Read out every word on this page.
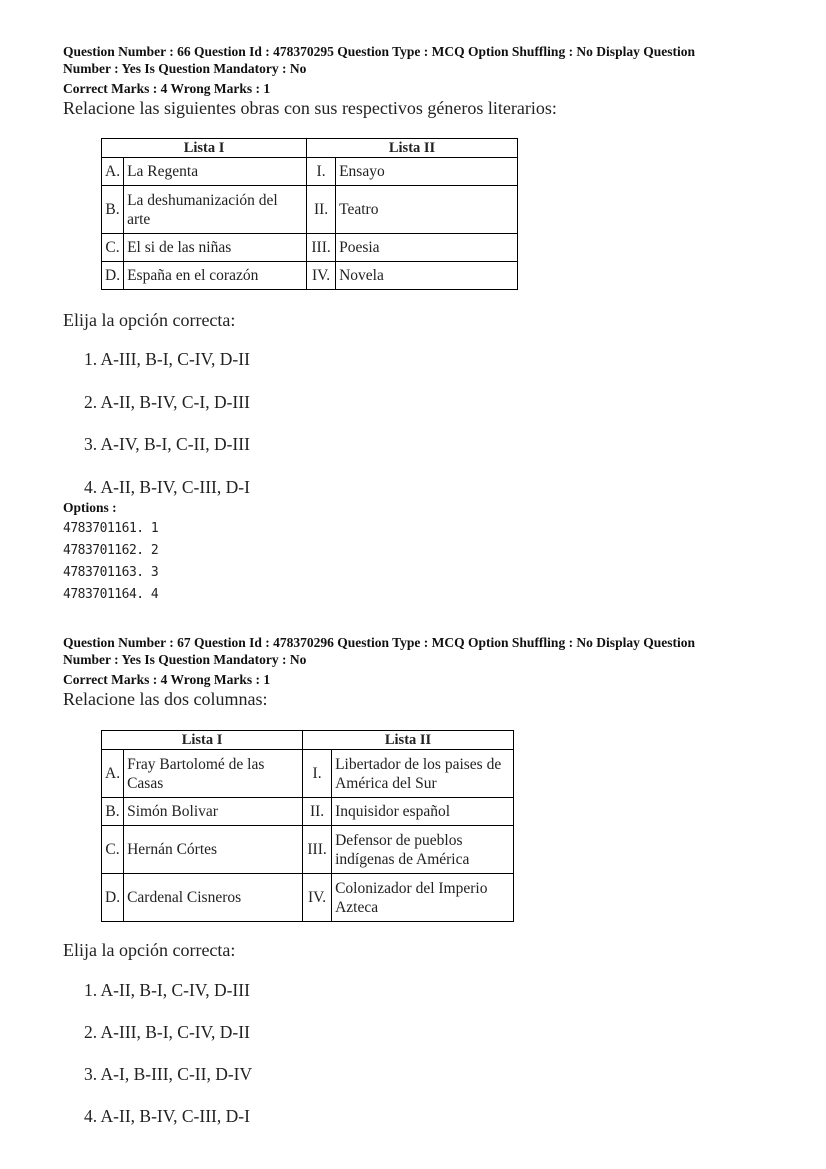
Question Number : 66 Question Id : 478370295 Question Type : MCQ Option Shuffling : No Display Question

Number : Yes Is Question Mandatory : No

Correct Marks : 4 Wrong Marks : 1

Relacione las siguientes obras con sus respectivos géneros literarios:

Lista I		Lista II	
A.	La Regenta	I.	Ensayo
B.	La deshumanización del arte	II.	Teatro
C.	El si de las niñas	III.	Poesia
D.	España en el corazón	IV.	Novela

Elija la opción correcta:

1. A-III, B-I, C-IV, D-II
2. A-II, B-IV, C-I, D-III
3. A-IV, B-I, C-II, D-III
4. A-II, B-IV, C-III, D-I
Options :
4783701161. 1
4783701162. 2
4783701163. 3
4783701164. 4

Question Number : 67 Question Id : 478370296 Question Type : MCQ Option Shuffling : No Display Question

Number : Yes Is Question Mandatory : No

Correct Marks : 4 Wrong Marks : 1

Relacione las dos columnas:

Lista I		Lista II	
A.	Fray Bartolomé de las Casas	I.	Libertador de los paises de América del Sur
B.	Simón Bolivar	II.	Inquisidor español
C.	Hernán Córtes	III.	Defensor de pueblos indígenas de América
D.	Cardenal Cisneros	IV.	Colonizador del Imperio Azteca

Elija la opción correcta:

1. A-II, B-I, C-IV, D-III
2. A-III, B-I, C-IV, D-II
3. A-I, B-III, C-II, D-IV
4. A-II, B-IV, C-III, D-I
